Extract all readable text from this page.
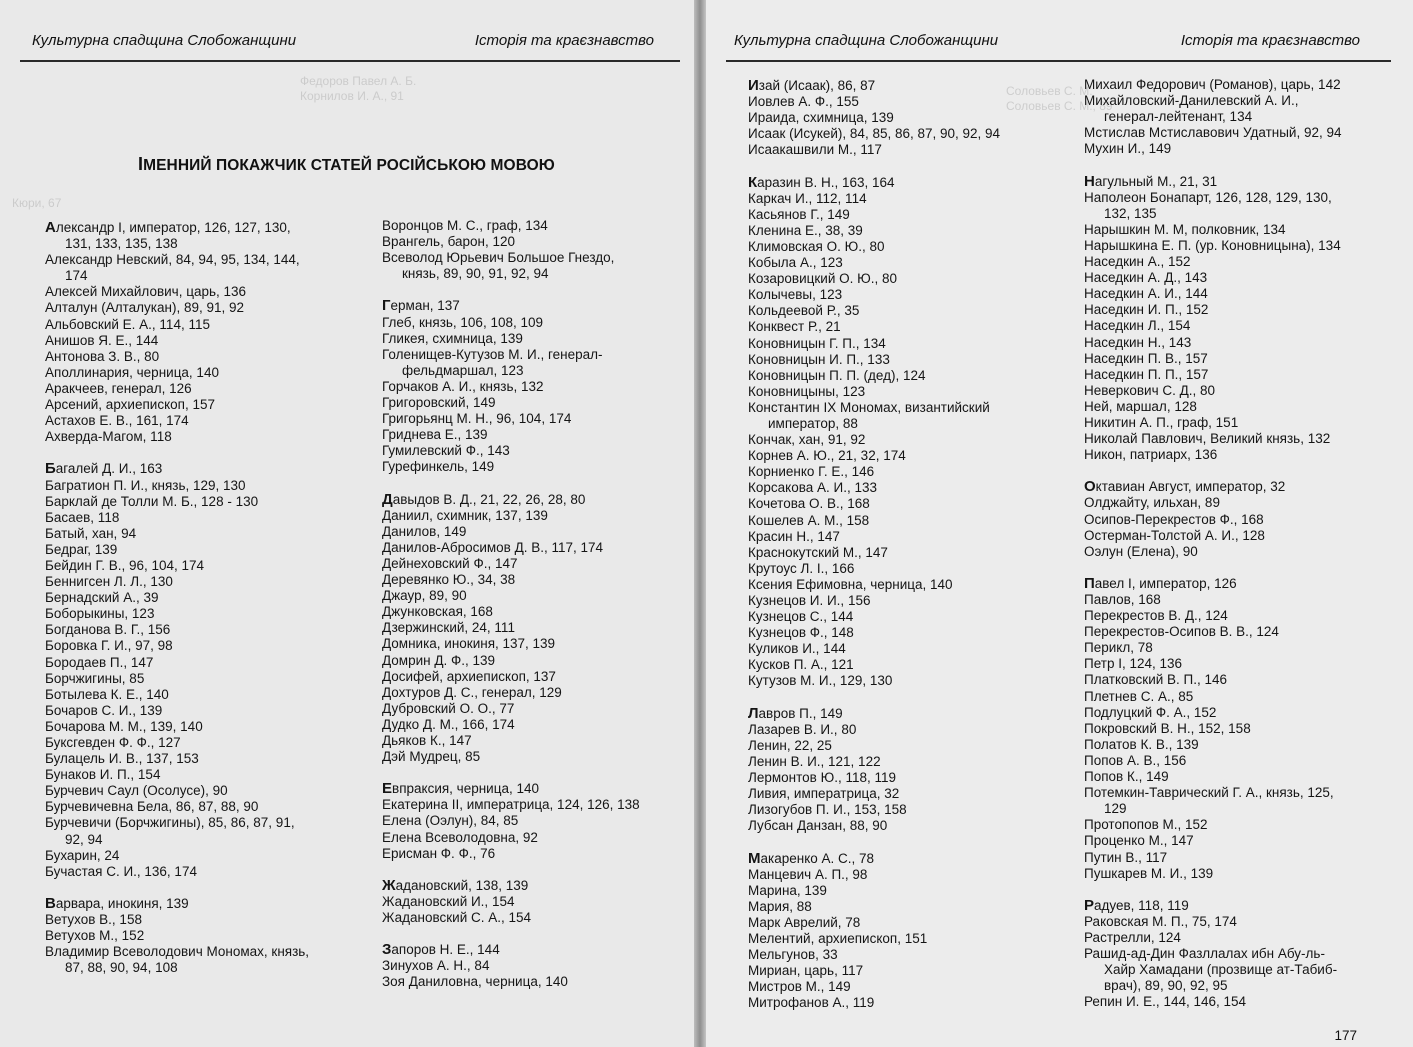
Федоров Павел А. Б.
Корнилов И. А., 91
Кюри, 67
Культурна спадщина Слобожанщини	Історія та краєзнавство
ІМЕННИЙ ПОКАЖЧИК СТАТЕЙ РОСІЙСЬКОЮ МОВОЮ
Александр I, император, 126, 127, 130,
131, 133, 135, 138
Александр Невский, 84, 94, 95, 134, 144,
174
Алексей Михайлович, царь, 136
Алталун (Алталукан), 89, 91, 92
Альбовский Е. А., 114, 115
Анишов Я. Е., 144
Антонова З. В., 80
Аполлинария, черница, 140
Аракчеев, генерал, 126
Арсений, архиепископ, 157
Астахов Е. В., 161, 174
Ахверда-Магом, 118
Багалей Д. И., 163
Багратион П. И., князь, 129, 130
Барклай де Толли М. Б., 128 - 130
Басаев, 118
Батый, хан, 94
Бедраг, 139
Бейдин Г. В., 96, 104, 174
Беннигсен Л. Л., 130
Бернадский А., 39
Боборыкины, 123
Богданова В. Г., 156
Боровка Г. И., 97, 98
Бородаев П., 147
Борчжигины, 85
Ботылева К. Е., 140
Бочаров С. И., 139
Бочарова М. М., 139, 140
Буксгевден Ф. Ф., 127
Булацель И. В., 137, 153
Бунаков И. П., 154
Бурчевич Саул (Осолусе), 90
Бурчевичевна Бела, 86, 87, 88, 90
Бурчевичи (Борчжигины), 85, 86, 87, 91,
92, 94
Бухарин, 24
Бучастая С. И., 136, 174
Варвара, инокиня, 139
Ветухов В., 158
Ветухов М., 152
Владимир Всеволодович Мономах, князь,
87, 88, 90, 94, 108
Воронцов М. С., граф, 134
Врангель, барон, 120
Всеволод Юрьевич Большое Гнездо,
князь, 89, 90, 91, 92, 94
Герман, 137
Глеб, князь, 106, 108, 109
Гликея, схимница, 139
Голенищев-Кутузов М. И., генерал-
фельдмаршал, 123
Горчаков А. И., князь, 132
Григоровский, 149
Григорьянц М. Н., 96, 104, 174
Гриднева Е., 139
Гумилевский Ф., 143
Гурефинкель, 149
Давыдов В. Д., 21, 22, 26, 28, 80
Даниил, схимник, 137, 139
Данилов, 149
Данилов-Абросимов Д. В., 117, 174
Дейнеховский Ф., 147
Деревянко Ю., 34, 38
Джаур, 89, 90
Джунковская, 168
Дзержинский, 24, 111
Домника, инокиня, 137, 139
Домрин Д. Ф., 139
Досифей, архиепископ, 137
Дохтуров Д. С., генерал, 129
Дубровский О. О., 77
Дудко Д. М., 166, 174
Дьяков К., 147
Дэй Мудрец, 85
Евпраксия, черница, 140
Екатерина II, императрица, 124, 126, 138
Елена (Оэлун), 84, 85
Елена Всеволодовна, 92
Ерисман Ф. Ф., 76
Жадановский, 138, 139
Жадановский И., 154
Жадановский С. А., 154
Запоров Н. Е., 144
Зинухов А. Н., 84
Зоя Даниловна, черница, 140
Соловьев С. М.
Соловьев С. М., 89
Культурна спадщина Слобожанщини	Історія та краєзнавство
Изай (Исаак), 86, 87
Иовлев А. Ф., 155
Ираида, схимница, 139
Исаак (Исукей), 84, 85, 86, 87, 90, 92, 94
Исаакашвили М., 117
Каразин В. Н., 163, 164
Каркач И., 112, 114
Касьянов Г., 149
Кленина Е., 38, 39
Климовская О. Ю., 80
Кобыла А., 123
Козаровицкий О. Ю., 80
Колычевы, 123
Кольдеевой Р., 35
Конквест Р., 21
Коновницын Г. П., 134
Коновницын И. П., 133
Коновницын П. П. (дед), 124
Коновницыны, 123
Константин IX Мономах, византийский
император, 88
Кончак, хан, 91, 92
Корнев А. Ю., 21, 32, 174
Корниенко Г. Е., 146
Корсакова А. И., 133
Кочетова О. В., 168
Кошелев А. М., 158
Красин Н., 147
Краснокутский М., 147
Крутоус Л. І., 166
Ксения Ефимовна, черница, 140
Кузнецов И. И., 156
Кузнецов С., 144
Кузнецов Ф., 148
Куликов И., 144
Кусков П. А., 121
Кутузов М. И., 129, 130
Лавров П., 149
Лазарев В. И., 80
Ленин, 22, 25
Ленин В. И., 121, 122
Лермонтов Ю., 118, 119
Ливия, императрица, 32
Лизогубов П. И., 153, 158
Лубсан Данзан, 88, 90
Макаренко А. С., 78
Манцевич А. П., 98
Марина, 139
Мария, 88
Марк Аврелий, 78
Мелентий, архиепископ, 151
Мельгунов, 33
Мириан, царь, 117
Мистров М., 149
Митрофанов А., 119
Михаил Федорович (Романов), царь, 142
Михайловский-Данилевский А. И.,
генерал-лейтенант, 134
Мстислав Мстиславович Удатный, 92, 94
Мухин И., 149
Нагульный М., 21, 31
Наполеон Бонапарт, 126, 128, 129, 130,
132, 135
Нарышкин М. М, полковник, 134
Нарышкина Е. П. (ур. Коновницына), 134
Наседкин А., 152
Наседкин А. Д., 143
Наседкин А. И., 144
Наседкин И. П., 152
Наседкин Л., 154
Наседкин Н., 143
Наседкин П. В., 157
Наседкин П. П., 157
Неверкович С. Д., 80
Ней, маршал, 128
Никитин А. П., граф, 151
Николай Павлович, Великий князь, 132
Никон, патриарх, 136
Октавиан Август, император, 32
Олджайту, ильхан, 89
Осипов-Перекрестов Ф., 168
Остерман-Толстой А. И., 128
Оэлун (Елена), 90
Павел I, император, 126
Павлов, 168
Перекрестов В. Д., 124
Перекрестов-Осипов В. В., 124
Перикл, 78
Петр I, 124, 136
Платковский В. П., 146
Плетнев С. А., 85
Подлуцкий Ф. А., 152
Покровский В. Н., 152, 158
Полатов К. В., 139
Попов А. В., 156
Попов К., 149
Потемкин-Таврический Г. А., князь, 125,
129
Протопопов М., 152
Проценко М., 147
Путин В., 117
Пушкарев М. И., 139
Радуев, 118, 119
Раковская М. П., 75, 174
Растрелли, 124
Рашид-ад-Дин Фазллалах ибн Абу-ль-
Хайр Хамадани (прозвище ат-Табиб-
врач), 89, 90, 92, 95
Репин И. Е., 144, 146, 154
177
